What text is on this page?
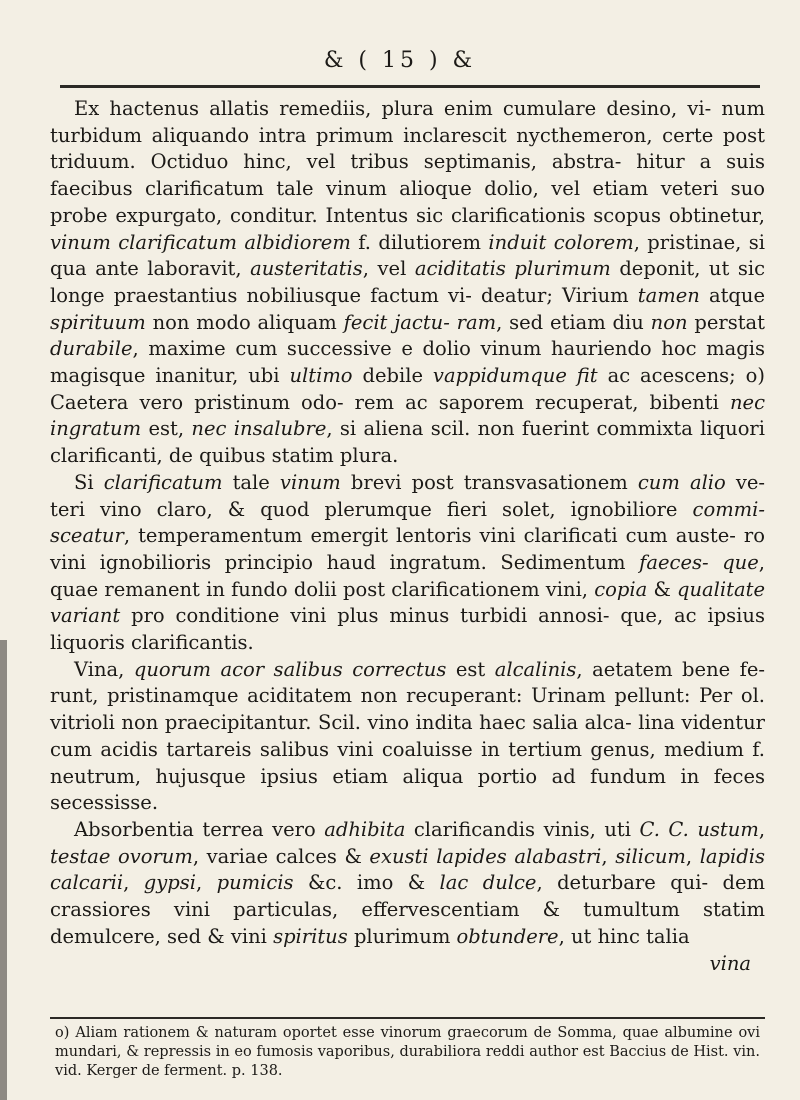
& ( 15 ) &

Ex hactenus allatis remediis, plura enim cumulare desino, vi- num turbidum aliquando intra primum inclarescit nycthemeron, certe post triduum. Octiduo hinc, vel tribus septimanis, abstra- hitur a suis faecibus clarificatum tale vinum alioque dolio, vel etiam veteri suo probe expurgato, conditur. Intentus sic clarificationis scopus obtinetur, vinum clarificatum albidiorem f. dilutiorem induit colorem, pristinae, si qua ante laboravit, austeritatis, vel aciditatis plurimum deponit, ut sic longe praestantius nobiliusque factum vi- deatur; Virium tamen atque spirituum non modo aliquam fecit jactu- ram, sed etiam diu non perstat durabile, maxime cum successive e dolio vinum hauriendo hoc magis magisque inanitur, ubi ultimo debile vappidumque fit ac acescens; o) Caetera vero pristinum odo- rem ac saporem recuperat, bibenti nec ingratum est, nec insalubre, si aliena scil. non fuerint commixta liquori clarificanti, de quibus statim plura.

Si clarificatum tale vinum brevi post transvasationem cum alio ve- teri vino claro, & quod plerumque fieri solet, ignobiliore commi- sceatur, temperamentum emergit lentoris vini clarificati cum auste- ro vini ignobilioris principio haud ingratum. Sedimentum faeces- que, quae remanent in fundo dolii post clarificationem vini, copia & qualitate variant pro conditione vini plus minus turbidi annosi- que, ac ipsius liquoris clarificantis.

Vina, quorum acor salibus correctus est alcalinis, aetatem bene fe- runt, pristinamque aciditatem non recuperant: Urinam pellunt: Per ol. vitrioli non praecipitantur. Scil. vino indita haec salia alca- lina videntur cum acidis tartareis salibus vini coaluisse in tertium genus, medium f. neutrum, hujusque ipsius etiam aliqua portio ad fundum in feces secessisse.

Absorbentia terrea vero adhibita clarificandis vinis, uti C. C. ustum, testae ovorum, variae calces & exusti lapides alabastri, silicum, lapidis calcarii, gypsi, pumicis &c. imo & lac dulce, deturbare qui- dem crassiores vini particulas, effervescentiam & tumultum statim demulcere, sed & vini spiritus plurimum obtundere, ut hinc talia

vina
o) Aliam rationem & naturam oportet esse vinorum graecorum de Somma, quae albumine ovi mundari, & repressis in eo fumosis vaporibus, durabiliora reddi author est Baccius de Hist. vin. vid. Kerger de ferment. p. 138.
